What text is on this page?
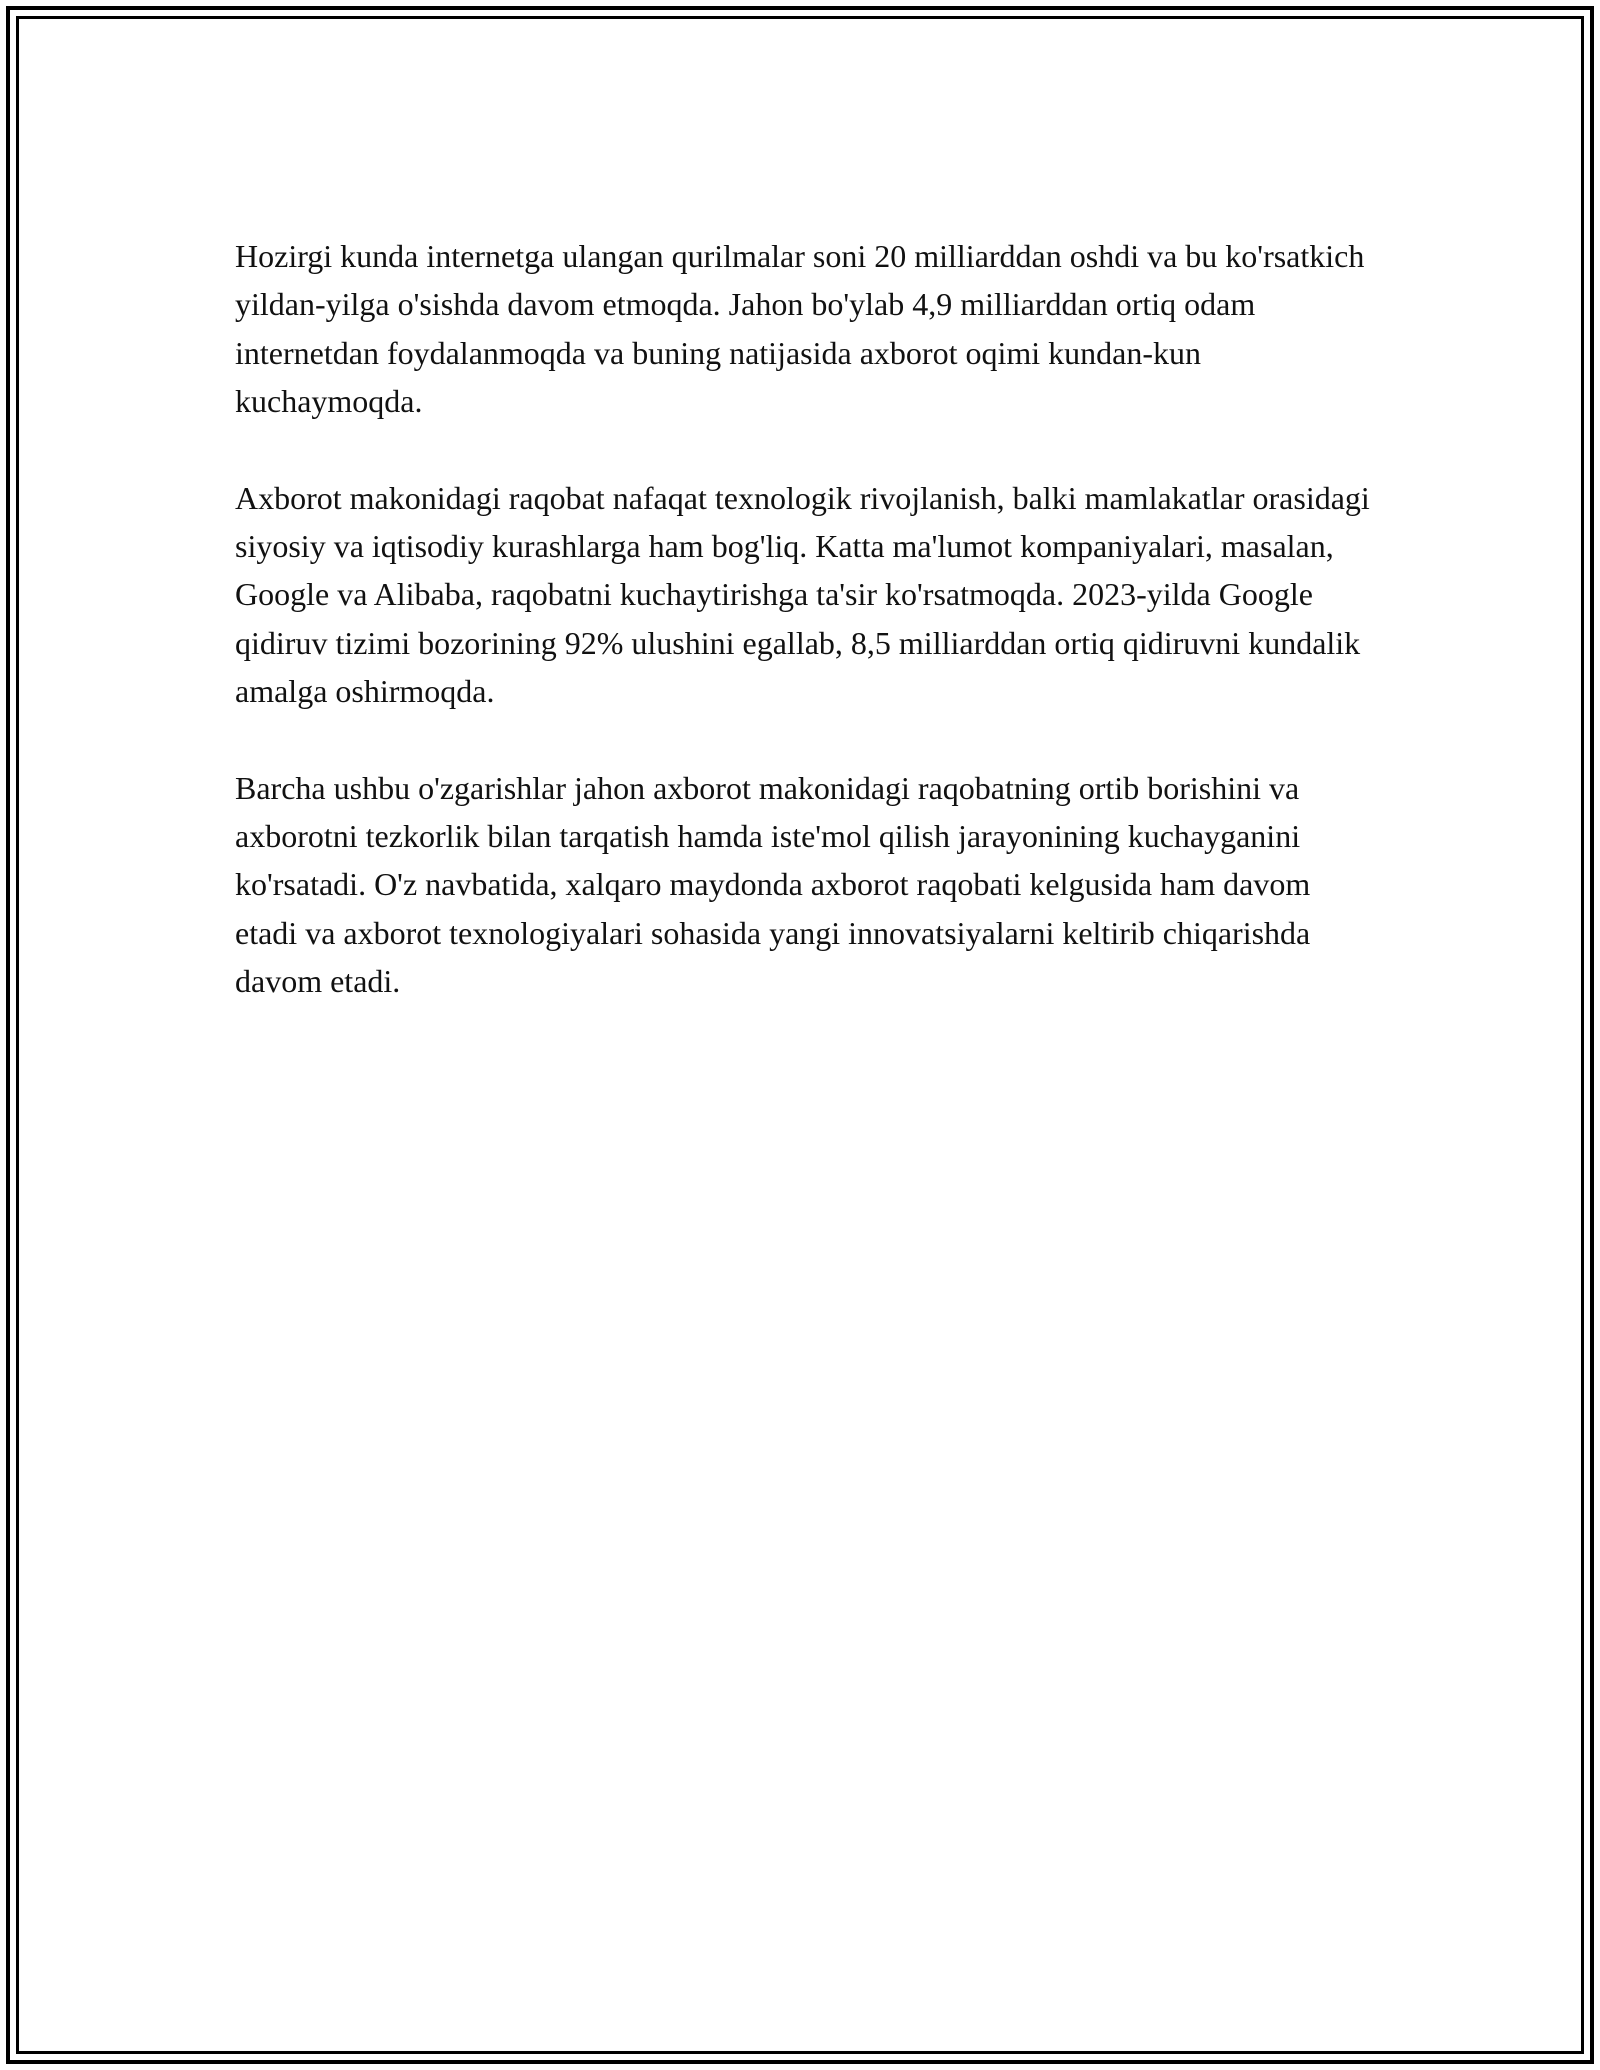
Hozirgi kunda internetga ulangan qurilmalar soni 20 milliarddan oshdi va bu ko'rsatkich yildan-yilga o'sishda davom etmoqda. Jahon bo'ylab 4,9 milliarddan ortiq odam internetdan foydalanmoqda va buning natijasida axborot oqimi kundan-kun kuchaymoqda.

Axborot makonidagi raqobat nafaqat texnologik rivojlanish, balki mamlakatlar orasidagi siyosiy va iqtisodiy kurashlarga ham bog'liq. Katta ma'lumot kompaniyalari, masalan, Google va Alibaba, raqobatni kuchaytirishga ta'sir ko'rsatmoqda. 2023-yilda Google qidiruv tizimi bozorining 92% ulushini egallab, 8,5 milliarddan ortiq qidiruvni kundalik amalga oshirmoqda.

Barcha ushbu o'zgarishlar jahon axborot makonidagi raqobatning ortib borishini va axborotni tezkorlik bilan tarqatish hamda iste'mol qilish jarayonining kuchayganini ko'rsatadi. O'z navbatida, xalqaro maydonda axborot raqobati kelgusida ham davom etadi va axborot texnologiyalari sohasida yangi innovatsiyalarni keltirib chiqarishda davom etadi.
